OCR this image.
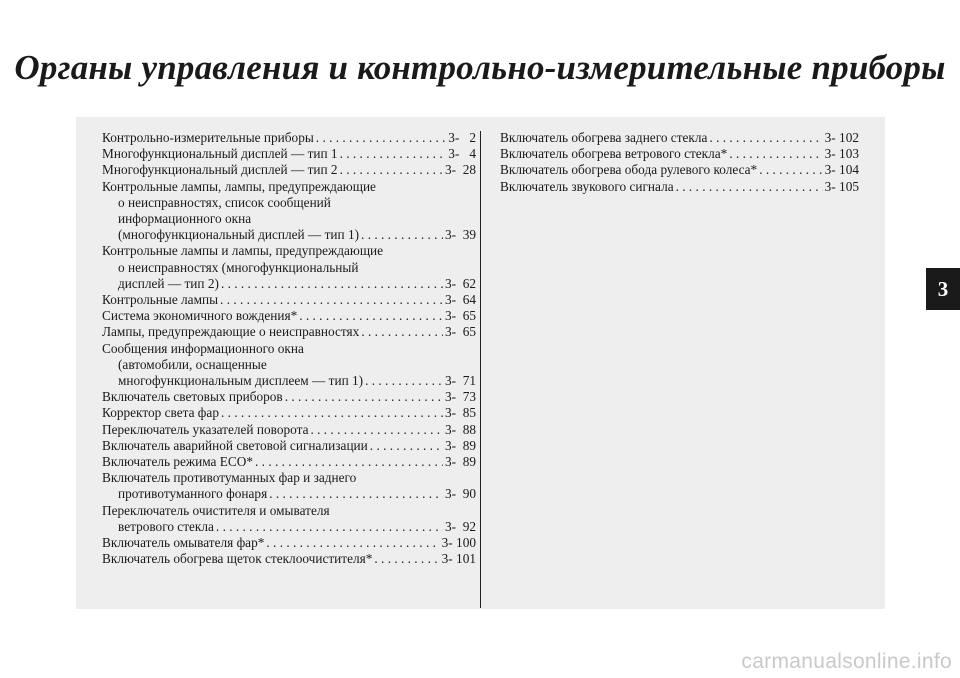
Органы управления и контрольно-измерительные приборы
Контрольно-измерительные приборы . . .	3-   2
Многофункциональный дисплей — тип 1 . . .	3-   4
Многофункциональный дисплей — тип 2 . . .	3-  28
Контрольные лампы, лампы, предупреждающие
о неисправностях, список сообщений
информационного окна
(многофункциональный дисплей — тип 1) . . .	3-  39
Контрольные лампы и лампы, предупреждающие
о неисправностях (многофункциональный
дисплей — тип 2) . . .	3-  62
Контрольные лампы . . .	3-  64
Система экономичного вождения* . . .	3-  65
Лампы, предупреждающие о неисправностях . . .	3-  65
Сообщения информационного окна
(автомобили, оснащенные
многофункциональным дисплеем — тип 1) . . .	3-  71
Включатель световых приборов . . .	3-  73
Корректор света фар . . .	3-  85
Переключатель указателей поворота . . .	3-  88
Включатель аварийной световой сигнализации . . .	3-  89
Включатель режима ECO* . . .	3-  89
Включатель противотуманных фар и заднего
противотуманного фонаря . . .	3-  90
Переключатель очистителя и омывателя
ветрового стекла . . .	3-  92
Включатель омывателя фар* . . .	3- 100
Включатель обогрева щеток стеклоочистителя* . . .	3- 101
Включатель обогрева заднего стекла . . .	3- 102
Включатель обогрева ветрового стекла* . . .	3- 103
Включатель обогрева обода рулевого колеса* . . .	3- 104
Включатель звукового сигнала . . .	3- 105
3
carmanualsonline.info
